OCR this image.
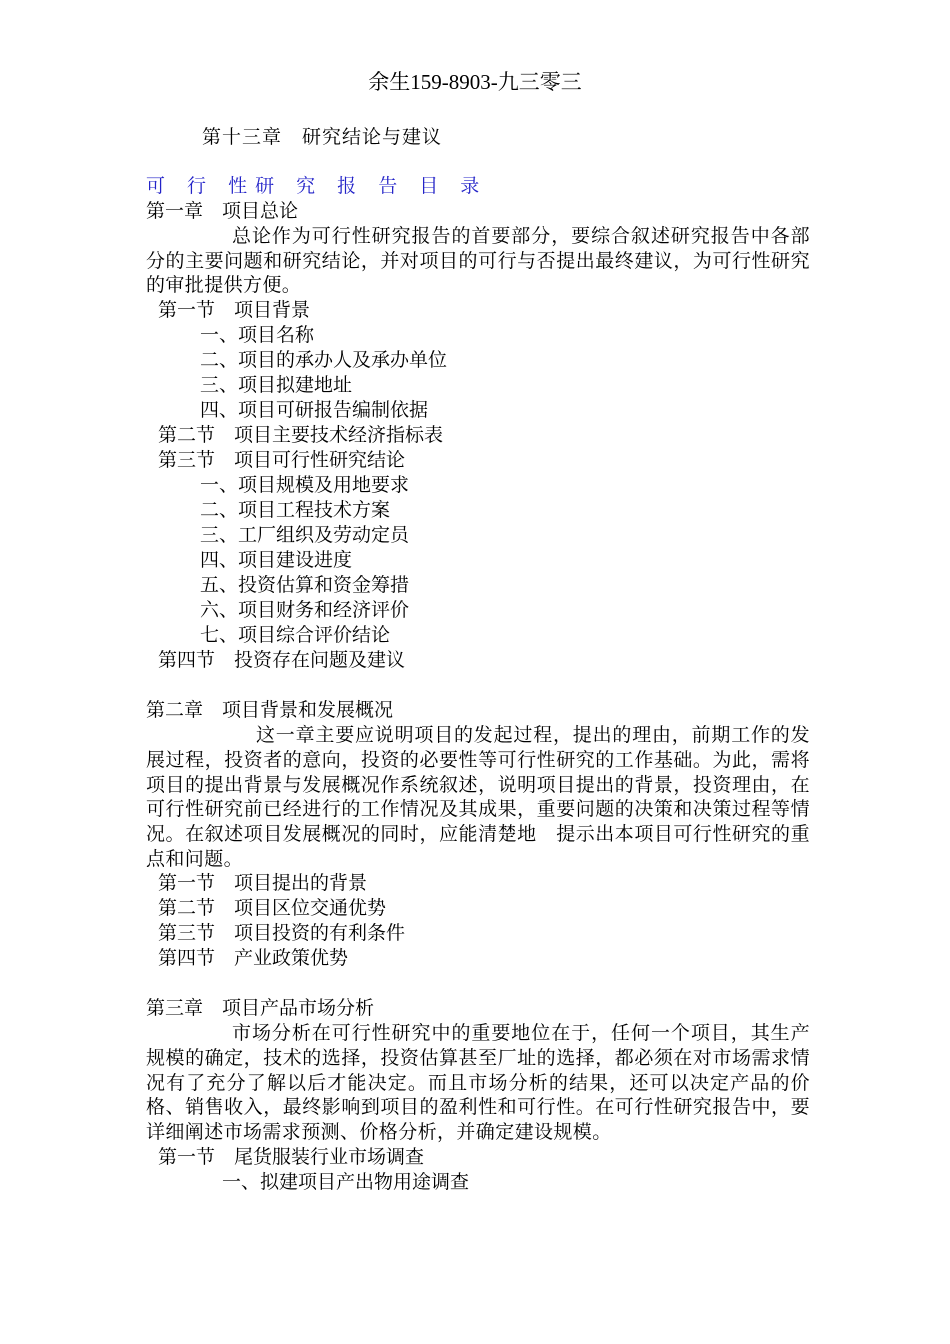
余生159-8903-九三零三
第十三章　研究结论与建议
可 行 性研 究 报 告 目 录
第一章　项目总论
总论作为可行性研究报告的首要部分，要综合叙述研究报告中各部分的主要问题和研究结论，并对项目的可行与否提出最终建议，为可行性研究的审批提供方便。
第一节　项目背景
一、项目名称
二、项目的承办人及承办单位
三、项目拟建地址
四、项目可研报告编制依据
第二节　项目主要技术经济指标表
第三节　项目可行性研究结论
一、项目规模及用地要求
二、项目工程技术方案
三、工厂组织及劳动定员
四、项目建设进度
五、投资估算和资金筹措
六、项目财务和经济评价
七、项目综合评价结论
第四节　投资存在问题及建议
第二章　项目背景和发展概况
这一章主要应说明项目的发起过程，提出的理由，前期工作的发展过程，投资者的意向，投资的必要性等可行性研究的工作基础。为此，需将项目的提出背景与发展概况作系统叙述，说明项目提出的背景，投资理由，在可行性研究前已经进行的工作情况及其成果，重要问题的决策和决策过程等情况。在叙述项目发展概况的同时，应能清楚地　提示出本项目可行性研究的重点和问题。
第一节　项目提出的背景
第二节　项目区位交通优势
第三节　项目投资的有利条件
第四节　产业政策优势
第三章　项目产品市场分析
市场分析在可行性研究中的重要地位在于，任何一个项目，其生产规模的确定，技术的选择，投资估算甚至厂址的选择，都必须在对市场需求情况有了充分了解以后才能决定。而且市场分析的结果，还可以决定产品的价格、销售收入，最终影响到项目的盈利性和可行性。在可行性研究报告中，要详细阐述市场需求预测、价格分析，并确定建设规模。
第一节　尾货服装行业市场调查
一、拟建项目产出物用途调查
